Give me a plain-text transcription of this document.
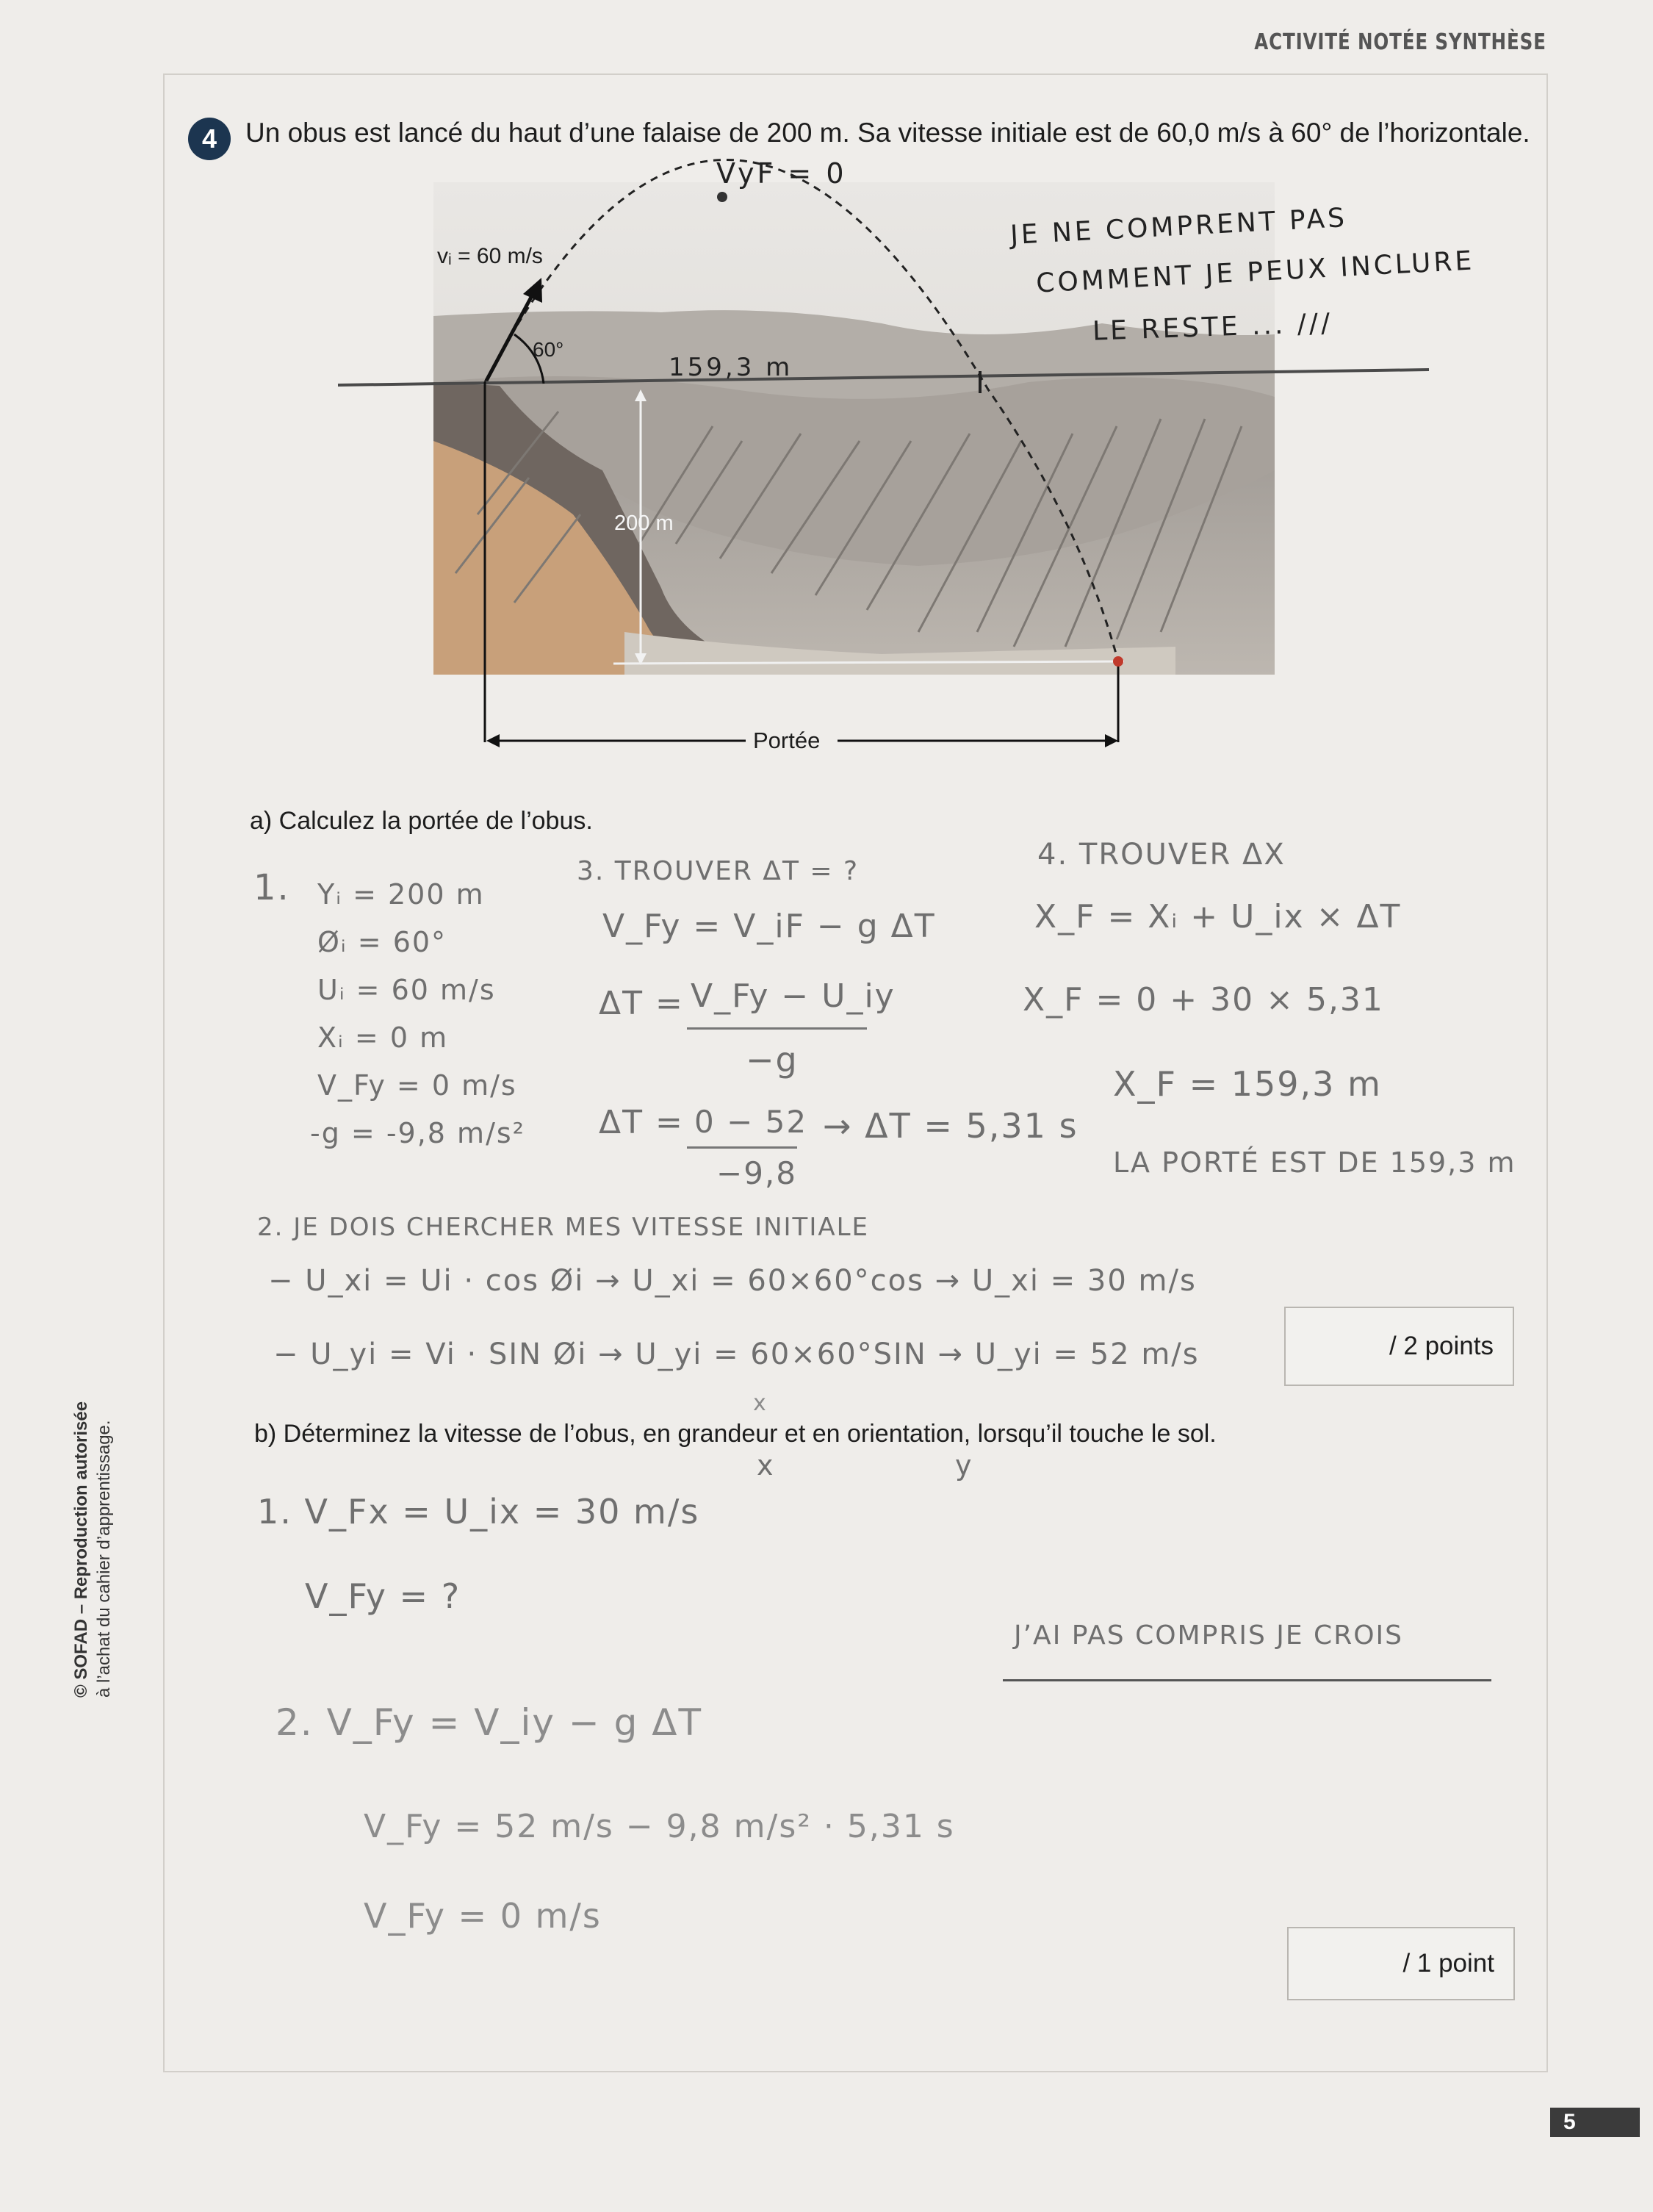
ACTIVITÉ NOTÉE SYNTHÈSE
4	Un obus est lancé du haut d’une falaise de 200 m. Sa vitesse initiale est de 60,0 m/s à 60° de l’horizontale.
vᵢ = 60 m/s
60°
200 m
Portée
VyF = 0
159,3 m
JE NE COMPRENT PAS
COMMENT JE PEUX INCLURE
LE RESTE ... ///
a) Calculez la portée de l’obus.
1. Yᵢ = 200 m
Øᵢ = 60°
Uᵢ = 60 m/s
Xᵢ = 0 m
V_Fy = 0 m/s
-g = -9,8 m/s²
3. TROUVER ΔT = ?
V_Fy = V_iF − g ΔT
ΔT = V_Fy − U_iy
−g
ΔT = 0 − 52
−9,8
→ ΔT = 5,31 s
4. TROUVER ΔX
X_F = Xᵢ + U_ix × ΔT
X_F = 0 + 30 × 5,31
X_F = 159,3 m
LA PORTÉ EST DE 159,3 m
2. JE DOIS CHERCHER MES VITESSE INITIALE
− U_xi = Ui · cos Øi → U_xi = 60×60°cos → U_xi = 30 m/s
− U_yi = Vi · SIN Øi → U_yi = 60×60°SIN → U_yi = 52 m/s	/ 2 points
x
b) Déterminez la vitesse de l’obus, en grandeur et en orientation, lorsqu’il touche le sol.
x	y
1. V_Fx = U_ix = 30 m/s
V_Fy = ?
J’AI PAS COMPRIS JE CROIS
2. V_Fy = V_iy − g ΔT
V_Fy = 52 m/s − 9,8 m/s² · 5,31 s
V_Fy = 0 m/s
/ 1 point
© SOFAD – Reproduction autorisée à l’achat du cahier d’apprentissage.
5
